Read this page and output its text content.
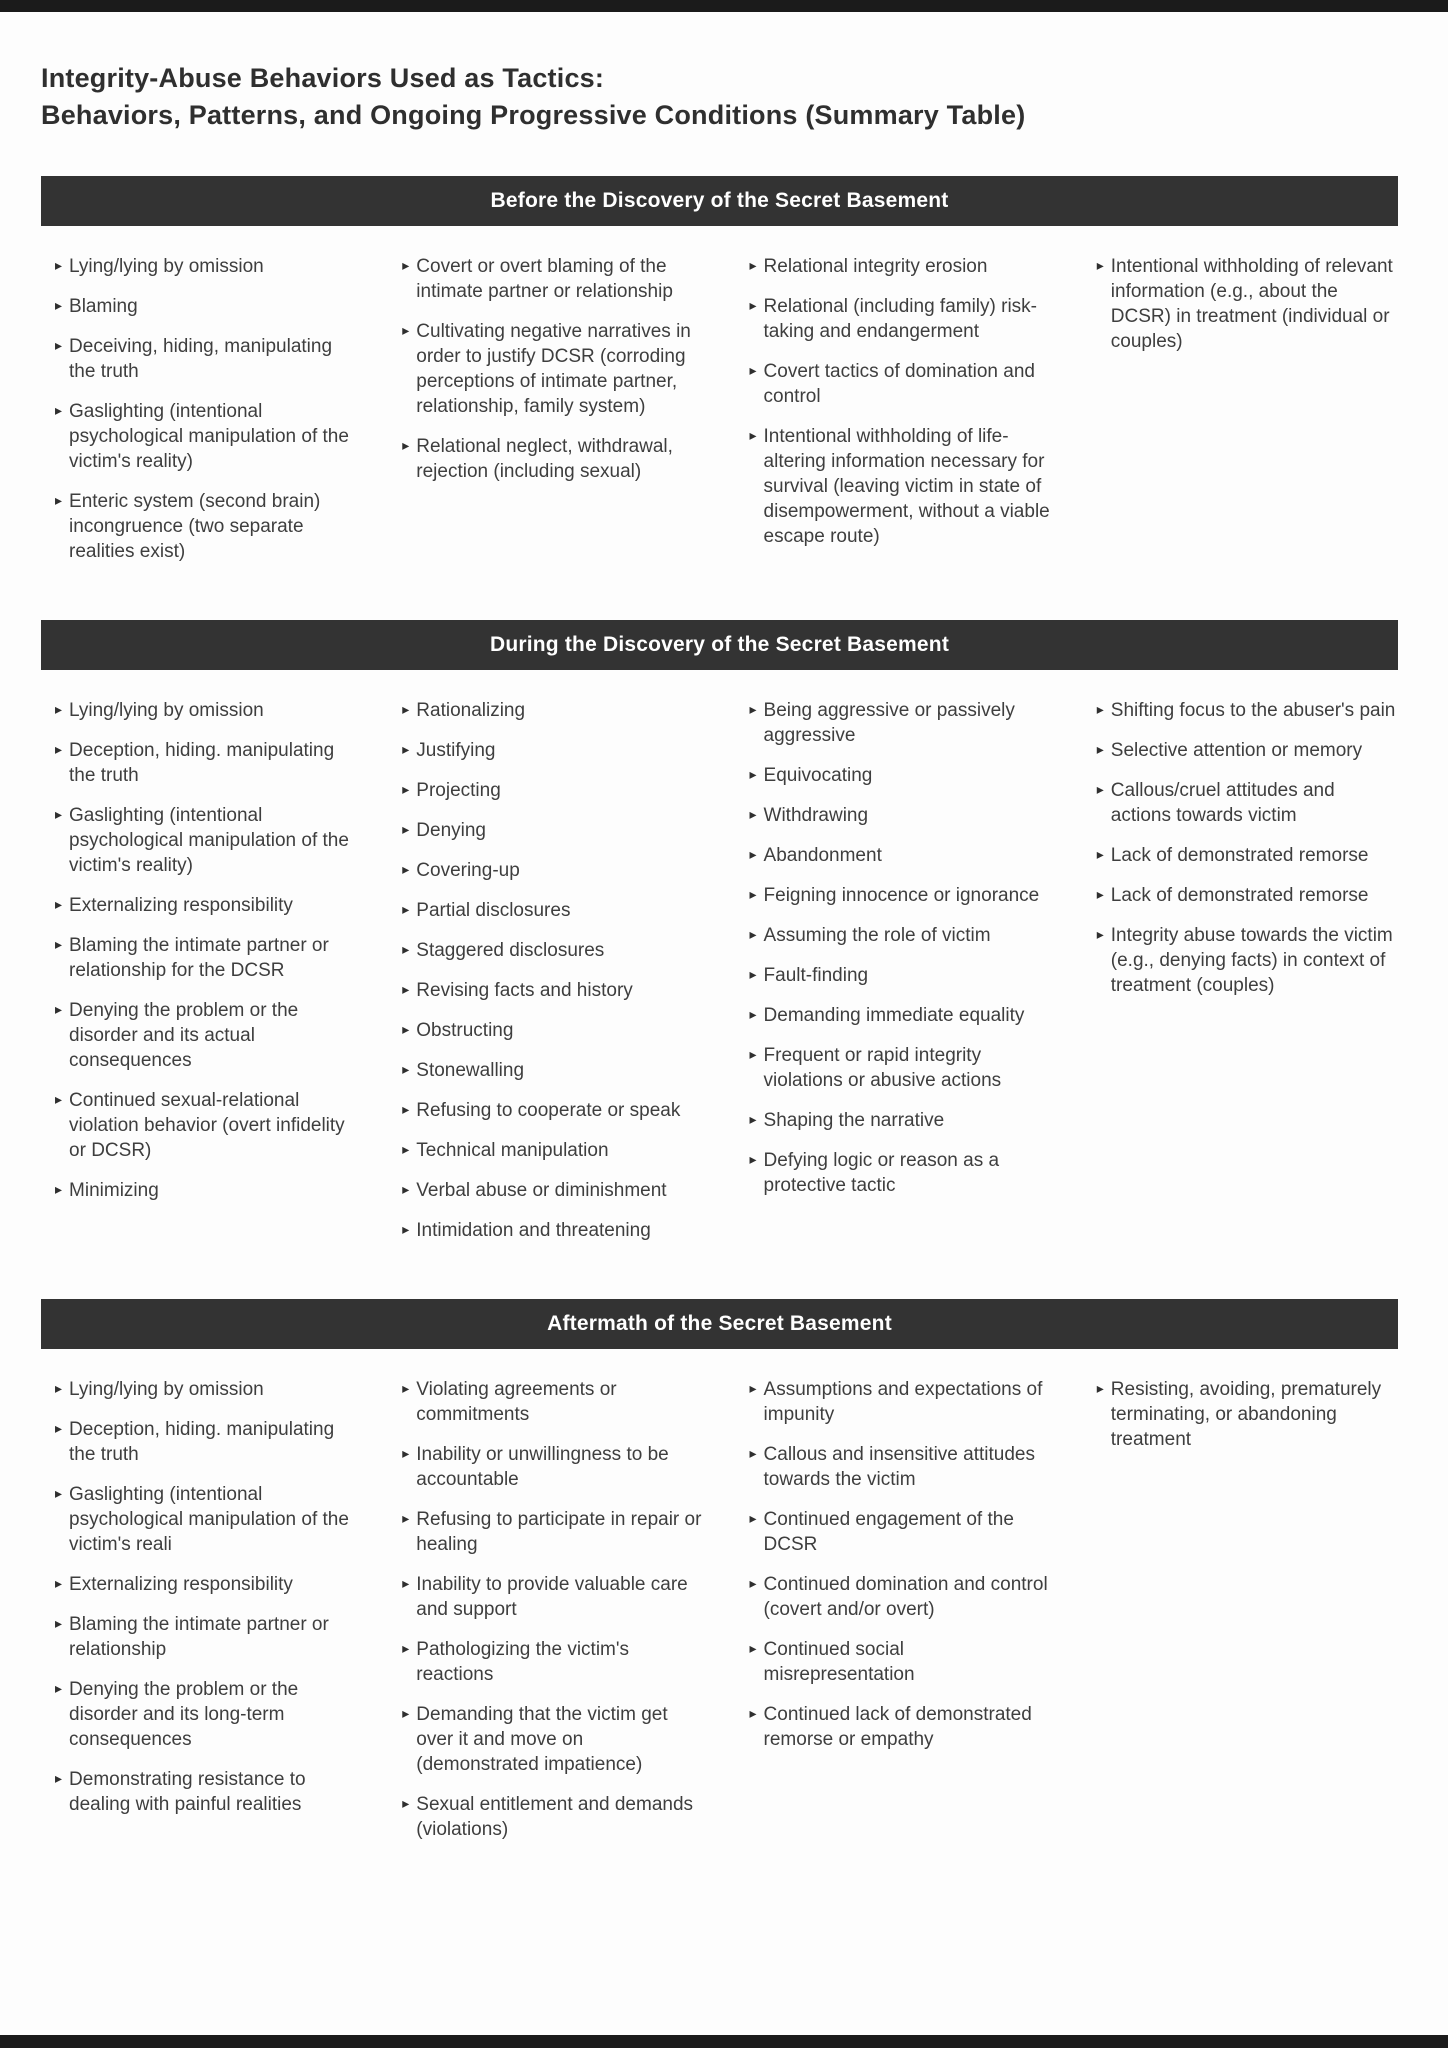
Integrity-Abuse Behaviors Used as Tactics:
Behaviors, Patterns, and Ongoing Progressive Conditions (Summary Table)
Before the Discovery of the Secret Basement
▸ Lying/lying by omission
▸ Blaming
▸ Deceiving, hiding, manipulating the truth
▸ Gaslighting (intentional psychological manipulation of the victim's reality)
▸ Enteric system (second brain) incongruence (two separate realities exist)
▸ Covert or overt blaming of the intimate partner or relationship
▸ Cultivating negative narratives in order to justify DCSR (corroding perceptions of intimate partner, relationship, family system)
▸ Relational neglect, withdrawal, rejection (including sexual)
▸ Relational integrity erosion
▸ Relational (including family) risk-taking and endangerment
▸ Covert tactics of domination and control
▸ Intentional withholding of life-altering information necessary for survival (leaving victim in state of disempowerment, without a viable escape route)
▸ Intentional withholding of relevant information (e.g., about the DCSR) in treatment (individual or couples)
During the Discovery of the Secret Basement
▸ Lying/lying by omission
▸ Deception, hiding. manipulating the truth
▸ Gaslighting (intentional psychological manipulation of the victim's reality)
▸ Externalizing responsibility
▸ Blaming the intimate partner or relationship for the DCSR
▸ Denying the problem or the disorder and its actual consequences
▸ Continued sexual-relational violation behavior (overt infidelity or DCSR)
▸ Minimizing
▸ Rationalizing
▸ Justifying
▸ Projecting
▸ Denying
▸ Covering-up
▸ Partial disclosures
▸ Staggered disclosures
▸ Revising facts and history
▸ Obstructing
▸ Stonewalling
▸ Refusing to cooperate or speak
▸ Technical manipulation
▸ Verbal abuse or diminishment
▸ Intimidation and threatening
▸ Being aggressive or passively aggressive
▸ Equivocating
▸ Withdrawing
▸ Abandonment
▸ Feigning innocence or ignorance
▸ Assuming the role of victim
▸ Fault-finding
▸ Demanding immediate equality
▸ Frequent or rapid integrity violations or abusive actions
▸ Shaping the narrative
▸ Defying logic or reason as a protective tactic
▸ Shifting focus to the abuser's pain
▸ Selective attention or memory
▸ Callous/cruel attitudes and actions towards victim
▸ Lack of demonstrated remorse
▸ Lack of demonstrated remorse
▸ Integrity abuse towards the victim (e.g., denying facts) in context of treatment (couples)
Aftermath of the Secret Basement
▸ Lying/lying by omission
▸ Deception, hiding. manipulating the truth
▸ Gaslighting (intentional psychological manipulation of the victim's reali
▸ Externalizing responsibility
▸ Blaming the intimate partner or relationship
▸ Denying the problem or the disorder and its long-term consequences
▸ Demonstrating resistance to dealing with painful realities
▸ Violating agreements or commitments
▸ Inability or unwillingness to be accountable
▸ Refusing to participate in repair or healing
▸ Inability to provide valuable care and support
▸ Pathologizing the victim's reactions
▸ Demanding that the victim get over it and move on (demonstrated impatience)
▸ Sexual entitlement and demands (violations)
▸ Assumptions and expectations of impunity
▸ Callous and insensitive attitudes towards the victim
▸ Continued engagement of the DCSR
▸ Continued domination and control (covert and/or overt)
▸ Continued social misrepresentation
▸ Continued lack of demonstrated remorse or empathy
▸ Resisting, avoiding, prematurely terminating, or abandoning treatment
